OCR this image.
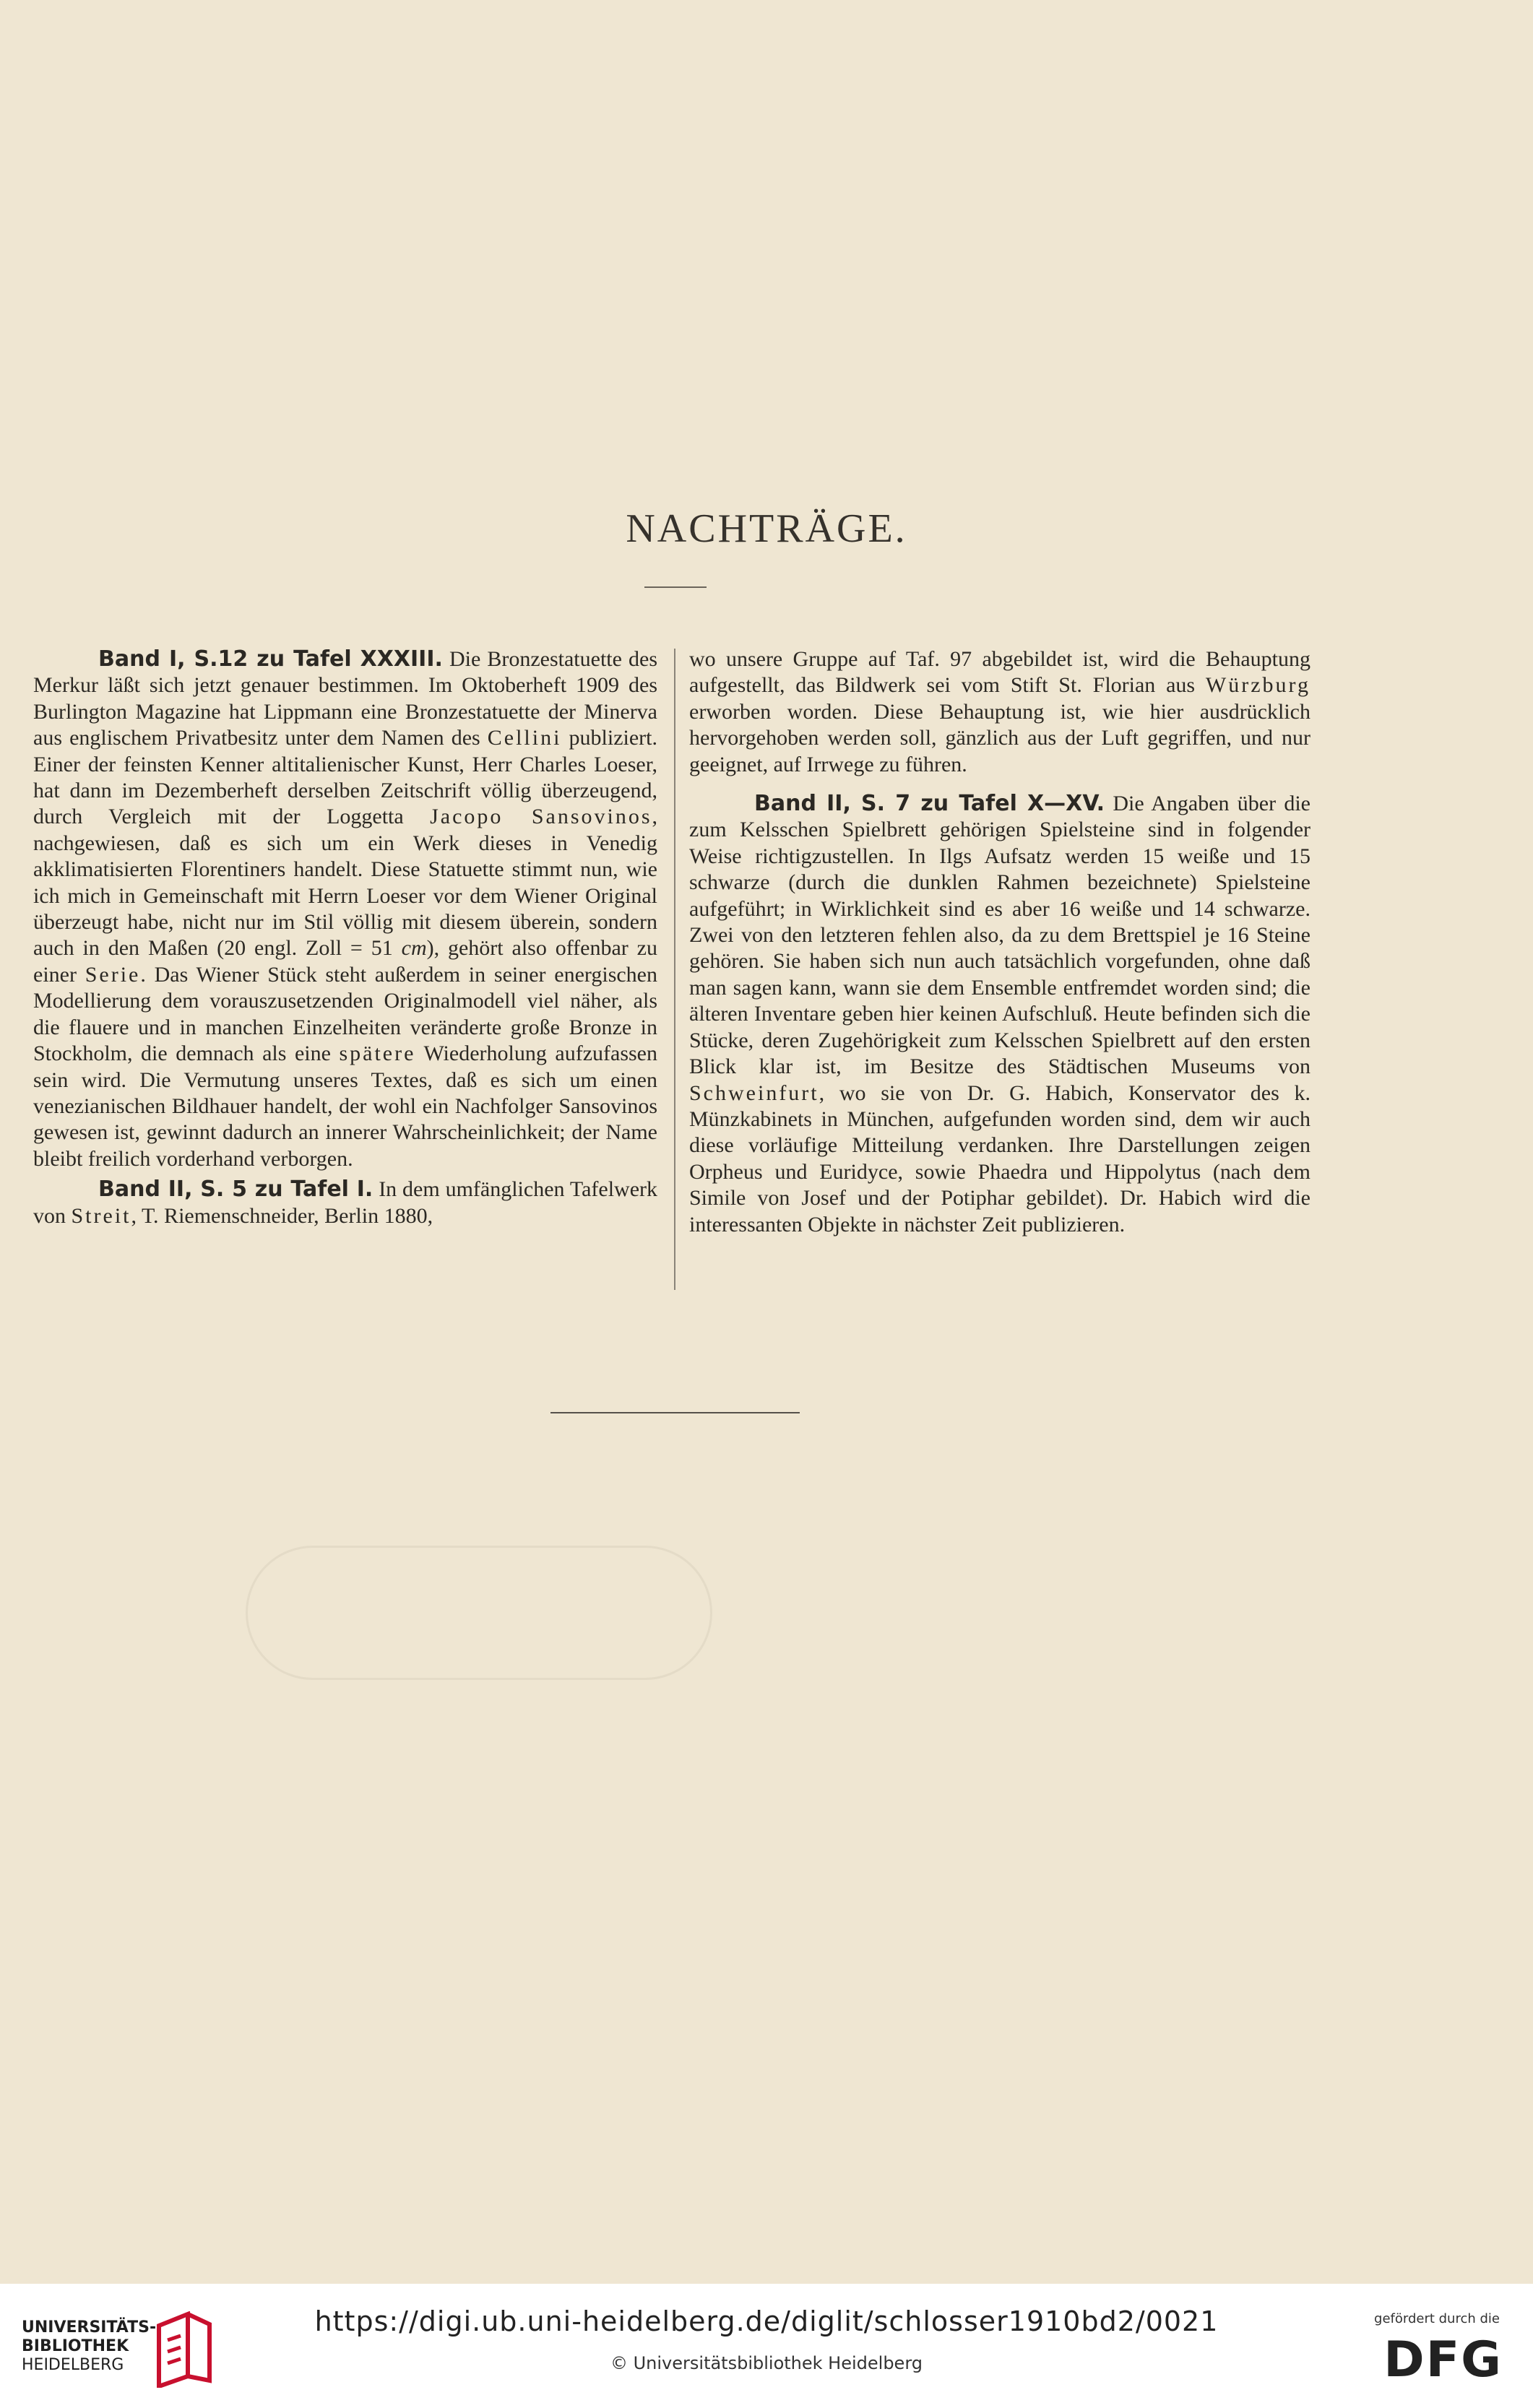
NACHTRÄGE.

Band I, S.12 zu Tafel XXXIII. Die Bronzestatuette des Merkur läßt sich jetzt genauer bestimmen. Im Oktoberheft 1909 des Burlington Magazine hat Lippmann eine Bronzestatuette der Minerva aus englischem Privatbesitz unter dem Namen des Cellini publiziert. Einer der feinsten Kenner altitalienischer Kunst, Herr Charles Loeser, hat dann im Dezemberheft derselben Zeitschrift völlig überzeugend, durch Vergleich mit der Loggetta Jacopo Sansovinos, nachgewiesen, daß es sich um ein Werk dieses in Venedig akklimatisierten Florentiners handelt. Diese Statuette stimmt nun, wie ich mich in Gemeinschaft mit Herrn Loeser vor dem Wiener Original überzeugt habe, nicht nur im Stil völlig mit diesem überein, sondern auch in den Maßen (20 engl. Zoll = 51 cm), gehört also offenbar zu einer Serie. Das Wiener Stück steht außerdem in seiner energischen Modellierung dem vorauszusetzenden Originalmodell viel näher, als die flauere und in manchen Einzelheiten veränderte große Bronze in Stockholm, die demnach als eine spätere Wiederholung aufzufassen sein wird. Die Vermutung unseres Textes, daß es sich um einen venezianischen Bildhauer handelt, der wohl ein Nachfolger Sansovinos gewesen ist, gewinnt dadurch an innerer Wahrscheinlichkeit; der Name bleibt freilich vorderhand verborgen.

Band II, S. 5 zu Tafel I. In dem umfänglichen Tafelwerk von Streit, T. Riemenschneider, Berlin 1880,

wo unsere Gruppe auf Taf. 97 abgebildet ist, wird die Behauptung aufgestellt, das Bildwerk sei vom Stift St. Florian aus Würzburg erworben worden. Diese Behauptung ist, wie hier ausdrücklich hervorgehoben werden soll, gänzlich aus der Luft gegriffen, und nur geeignet, auf Irrwege zu führen.

Band II, S. 7 zu Tafel X—XV. Die Angaben über die zum Kelsschen Spielbrett gehörigen Spielsteine sind in folgender Weise richtigzustellen. In Ilgs Aufsatz werden 15 weiße und 15 schwarze (durch die dunklen Rahmen bezeichnete) Spielsteine aufgeführt; in Wirklichkeit sind es aber 16 weiße und 14 schwarze. Zwei von den letzteren fehlen also, da zu dem Brettspiel je 16 Steine gehören. Sie haben sich nun auch tatsächlich vorgefunden, ohne daß man sagen kann, wann sie dem Ensemble entfremdet worden sind; die älteren Inventare geben hier keinen Aufschluß. Heute befinden sich die Stücke, deren Zugehörigkeit zum Kelsschen Spielbrett auf den ersten Blick klar ist, im Besitze des Städtischen Museums von Schweinfurt, wo sie von Dr. G. Habich, Konservator des k. Münzkabinets in München, aufgefunden worden sind, dem wir auch diese vorläufige Mitteilung verdanken. Ihre Darstellungen zeigen Orpheus und Euridyce, sowie Phaedra und Hippolytus (nach dem Simile von Josef und der Potiphar gebildet). Dr. Habich wird die interessanten Objekte in nächster Zeit publizieren.

UNIVERSITÄTS-
BIBLIOTHEK
HEIDELBERG
https://digi.ub.uni-heidelberg.de/diglit/schlosser1910bd2/0021
© Universitätsbibliothek Heidelberg
gefördert durch die
DFG
